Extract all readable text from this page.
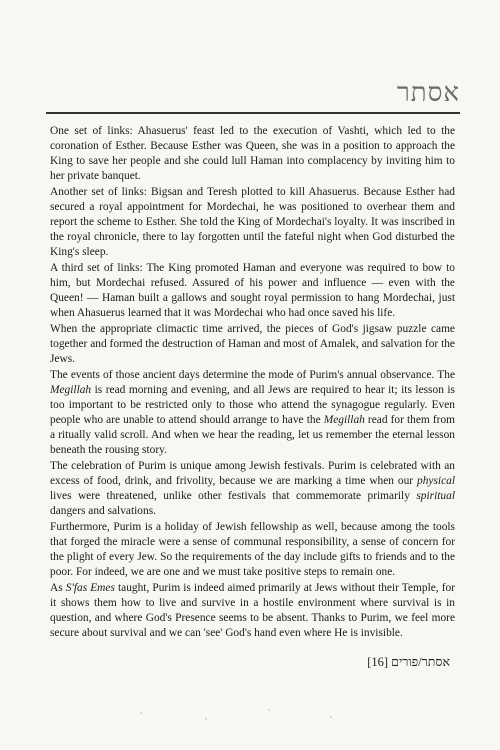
אסתר

One set of links: Ahasuerus' feast led to the execution of Vashti, which led to the coronation of Esther. Because Esther was Queen, she was in a position to approach the King to save her people and she could lull Haman into complacency by inviting him to her private banquet.

Another set of links: Bigsan and Teresh plotted to kill Ahasuerus. Because Esther had secured a royal appointment for Mordechai, he was positioned to overhear them and report the scheme to Esther. She told the King of Mordechai's loyalty. It was inscribed in the royal chronicle, there to lay forgotten until the fateful night when God disturbed the King's sleep.

A third set of links: The King promoted Haman and everyone was required to bow to him, but Mordechai refused. Assured of his power and influence — even with the Queen! — Haman built a gallows and sought royal permission to hang Mordechai, just when Ahasuerus learned that it was Mordechai who had once saved his life.

When the appropriate climactic time arrived, the pieces of God's jigsaw puzzle came together and formed the destruction of Haman and most of Amalek, and salvation for the Jews.

The events of those ancient days determine the mode of Purim's annual observance. The Megillah is read morning and evening, and all Jews are required to hear it; its lesson is too important to be restricted only to those who attend the synagogue regularly. Even people who are unable to attend should arrange to have the Megillah read for them from a ritually valid scroll. And when we hear the reading, let us remember the eternal lesson beneath the rousing story.

The celebration of Purim is unique among Jewish festivals. Purim is celebrated with an excess of food, drink, and frivolity, because we are marking a time when our physical lives were threatened, unlike other festivals that commemorate primarily spiritual dangers and salvations.

Furthermore, Purim is a holiday of Jewish fellowship as well, because among the tools that forged the miracle were a sense of communal responsibility, a sense of concern for the plight of every Jew. So the requirements of the day include gifts to friends and to the poor. For indeed, we are one and we must take positive steps to remain one.

As S'fas Emes taught, Purim is indeed aimed primarily at Jews without their Temple, for it shows them how to live and survive in a hostile environment where survival is in question, and where God's Presence seems to be absent. Thanks to Purim, we feel more secure about survival and we can 'see' God's hand even where He is invisible.

אסתר/פורים [16]
